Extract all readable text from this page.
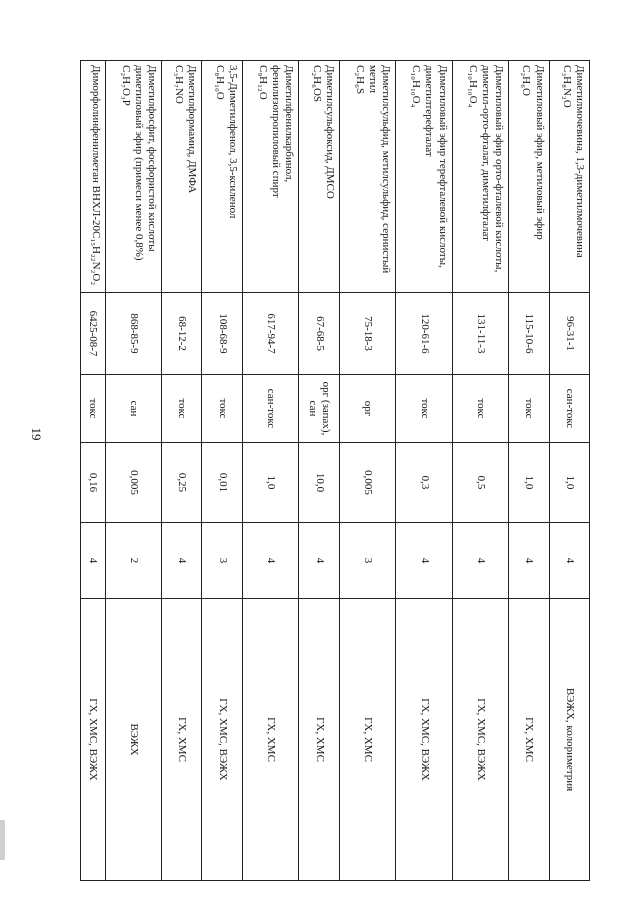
19
Диметилмочевина, 1,3-диметилмочевина
C₃H₈N₂O	96-31-1	сан-токс	1,0	4	ВЭЖХ, колориметрия

Диметиловый эфир, метиловый эфир
C₂H₆O	115-10-6	токс	1,0	4	ГХ, ХМС

Диметиловый эфир орто-фталевой кислоты, диметил-орто-фталат, диметилфталат
C₁₀H₁₀O₄	131-11-3	токс	0,5	4	ГХ, ХМС, ВЭЖХ

Диметиловый эфир терефталевой кислоты, диметилтерефталат
C₁₀H₁₀O₄	120-61-6	токс	0,3	4	ГХ, ХМС, ВЭЖХ

Диметилсульфид, метилсульфид, сернистый метил
C₂H₆S	75-18-3	орг	0,005	3	ГХ, ХМС

Диметилсульфоксид, ДМСО
C₂H₆OS	67-68-5	орг (запах), сан	10,0	4	ГХ, ХМС

Диметилфенилкарбинол, фенилизопропиловый спирт
C₉H₁₂O	617-94-7	сан-токс	1,0	4	ГХ, ХМС

3,5-Диметилфенол, 3,5-ксиленол
C₈H₁₀O	108-68-9	токс	0,01	3	ГХ, ХМС, ВЭЖХ

Диметилформамид, ДМФА
C₃H₇NO	68-12-2	токс	0,25	4	ГХ, ХМС

Диметилфосфит, фосфористой кислоты диметиловый эфир (примеси менее 0,8%)
C₂H₇O₃P	868-85-9	сан	0,005	2	ВЭЖХ

Диморфолинфенилметан ВНХЛ-20С₁₅H₂₂N₂O₂	6425-08-7	токс	0,16	4	ГХ, ХМС, ВЭЖХ
